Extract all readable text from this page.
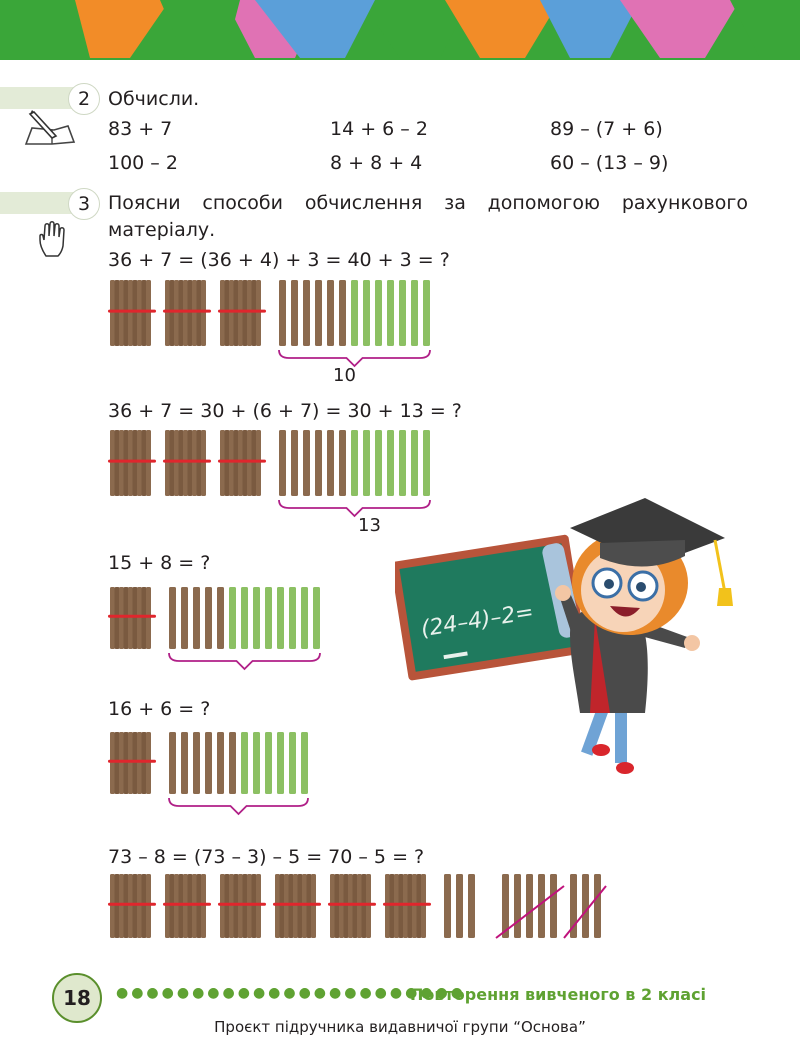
2 Обчисли.
83 + 7	14 + 6 – 2	89 – (7 + 6)
100 – 2	8 + 8 + 4	60 – (13 – 9)
3 Поясни способи обчислення за допомогою рахункового матеріалу.
36 + 7 = (36 + 4) + 3 = 40 + 3 = ?
36 + 7 = 30 + (6 + 7) = 30 + 13 = ?
15 + 8 = ?
16 + 6 = ?
73 – 8 = (73 – 3) – 5 = 70 – 5 = ?
10
13
(24–4)–2=
18	●●●●●●●●●●●●●●●●●●●●●●●
Повторення вивченого в 2 класі
Проєкт підручника видавничої групи “Основа”
